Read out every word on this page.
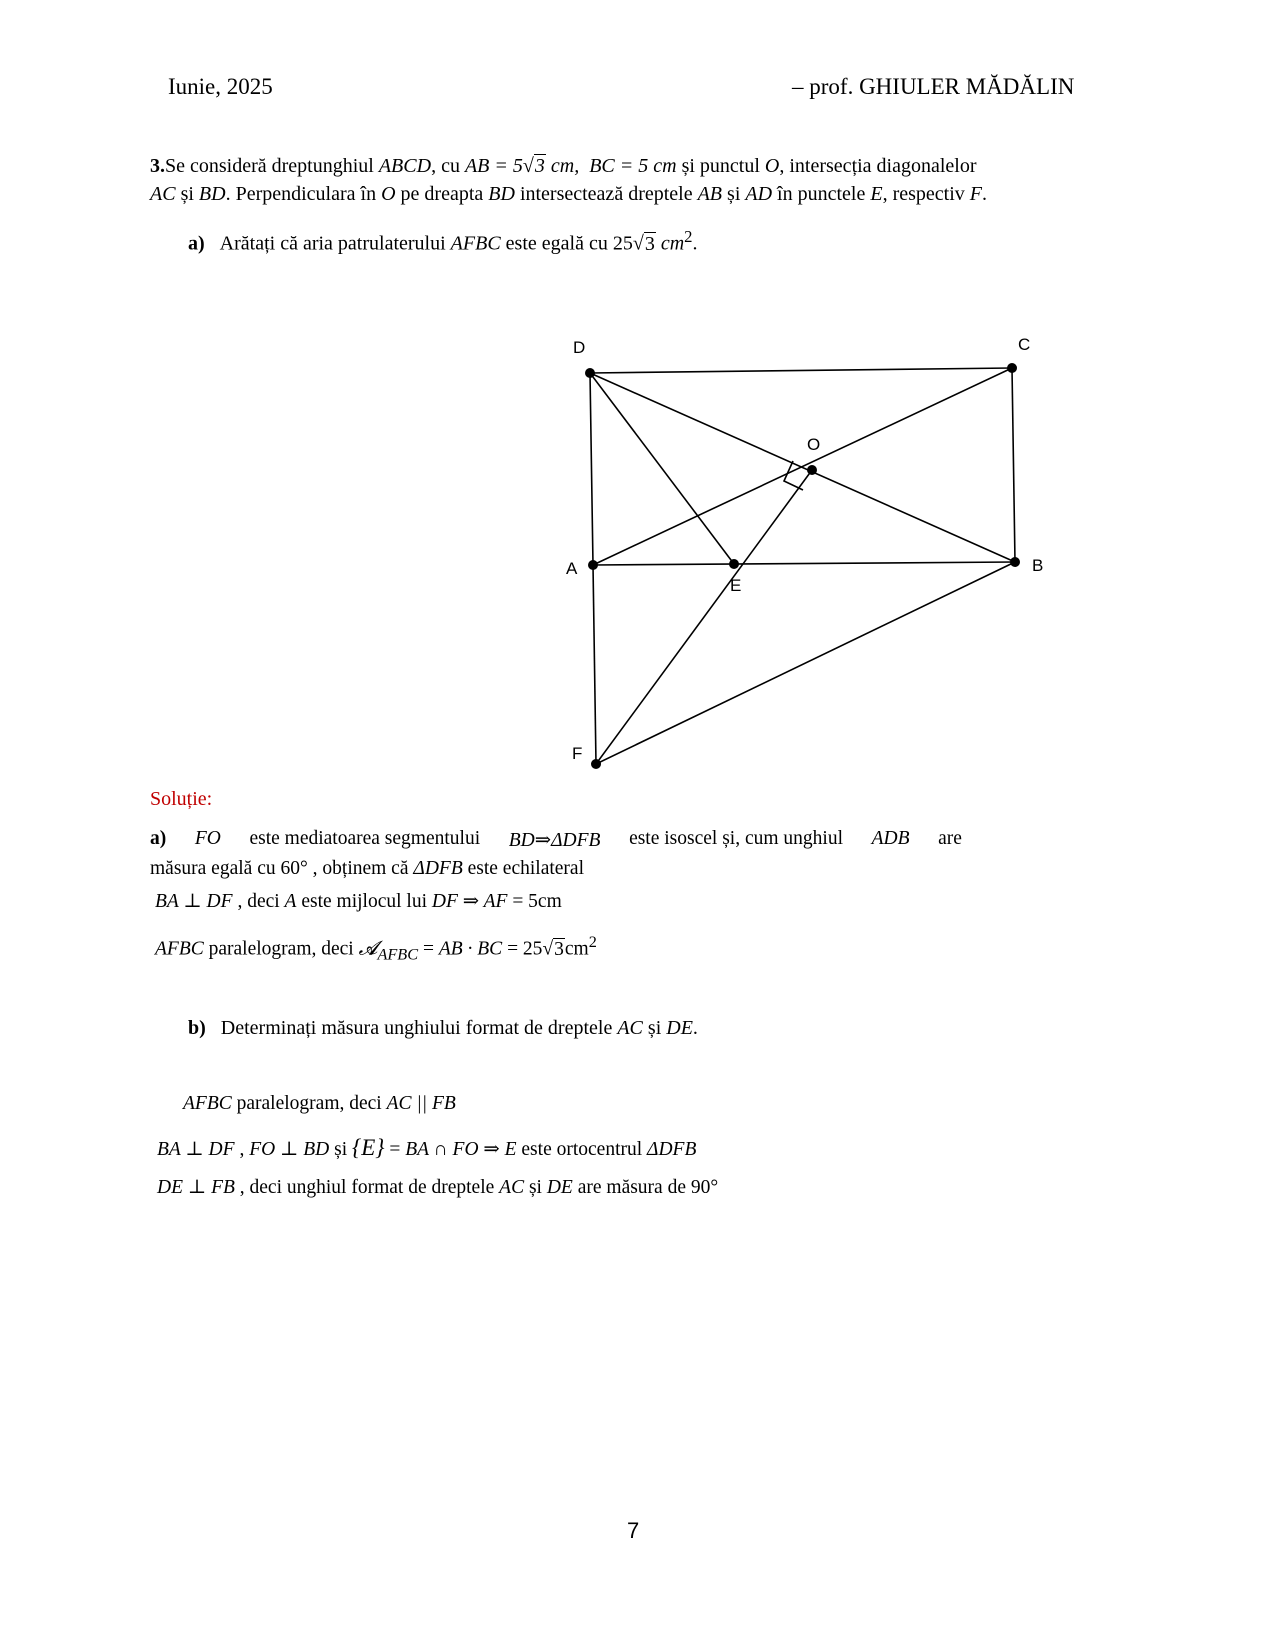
Iunie, 2025	– prof. GHIULER MĂDĂLIN
3.Se consideră dreptunghiul ABCD, cu AB = 5√3 cm, BC = 5 cm și punctul O, intersecția diagonalelor
AC și BD. Perpendiculara în O pe dreapta BD intersectează dreptele AB și AD în punctele E, respectiv F.
a) Arătați că aria patrulaterului AFBC este egală cu 25√3 $cm^2$.
D	C
O
A	B
E
F
Soluție:
a) FO este mediatoarea segmentului BD⇒ΔDFB este isoscel și, cum unghiul ADB are
măsura egală cu 60° , obținem că ΔDFB este echilateral
BA ⊥ DF , deci A este mijlocul lui DF ⇒ AF = 5cm
AFBC paralelogram, deci 𝓐$_{AFBC}$ = AB · BC = $25√3cm^2$
b) Determinați măsura unghiului format de dreptele AC și DE.
AFBC paralelogram, deci AC || FB
BA ⊥ DF , FO ⊥ BD și {E} = BA ∩ FO ⇒ E este ortocentrul ΔDFB
DE ⊥ FB , deci unghiul format de dreptele AC și DE are măsura de 90°
7
